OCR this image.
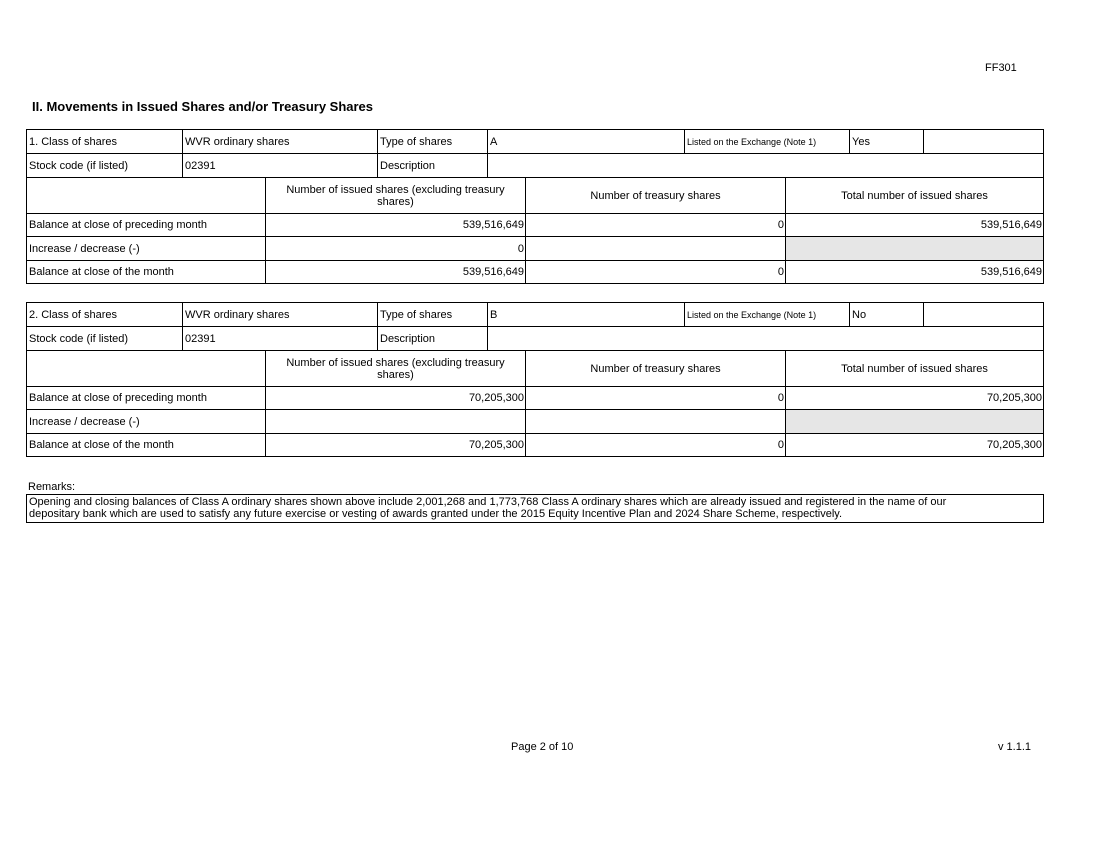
FF301
II. Movements in Issued Shares and/or Treasury Shares
1. Class of shares	WVR ordinary shares	Type of shares	A	Listed on the Exchange (Note 1)	Yes
Stock code (if listed)	02391	Description
Number of issued shares (excluding treasury shares)	Number of treasury shares	Total number of issued shares
Balance at close of preceding month	539,516,649	0	539,516,649
Increase / decrease (-)	0
Balance at close of the month	539,516,649	0	539,516,649
2. Class of shares	WVR ordinary shares	Type of shares	B	Listed on the Exchange (Note 1)	No
Stock code (if listed)	02391	Description
Number of issued shares (excluding treasury shares)	Number of treasury shares	Total number of issued shares
Balance at close of preceding month	70,205,300	0	70,205,300
Increase / decrease (-)
Balance at close of the month	70,205,300	0	70,205,300
Remarks:
Opening and closing balances of Class A ordinary shares shown above include 2,001,268 and 1,773,768 Class A ordinary shares which are already issued and registered in the name of our
depositary bank which are used to satisfy any future exercise or vesting of awards granted under the 2015 Equity Incentive Plan and 2024 Share Scheme, respectively.
Page 2 of 10	v 1.1.1
